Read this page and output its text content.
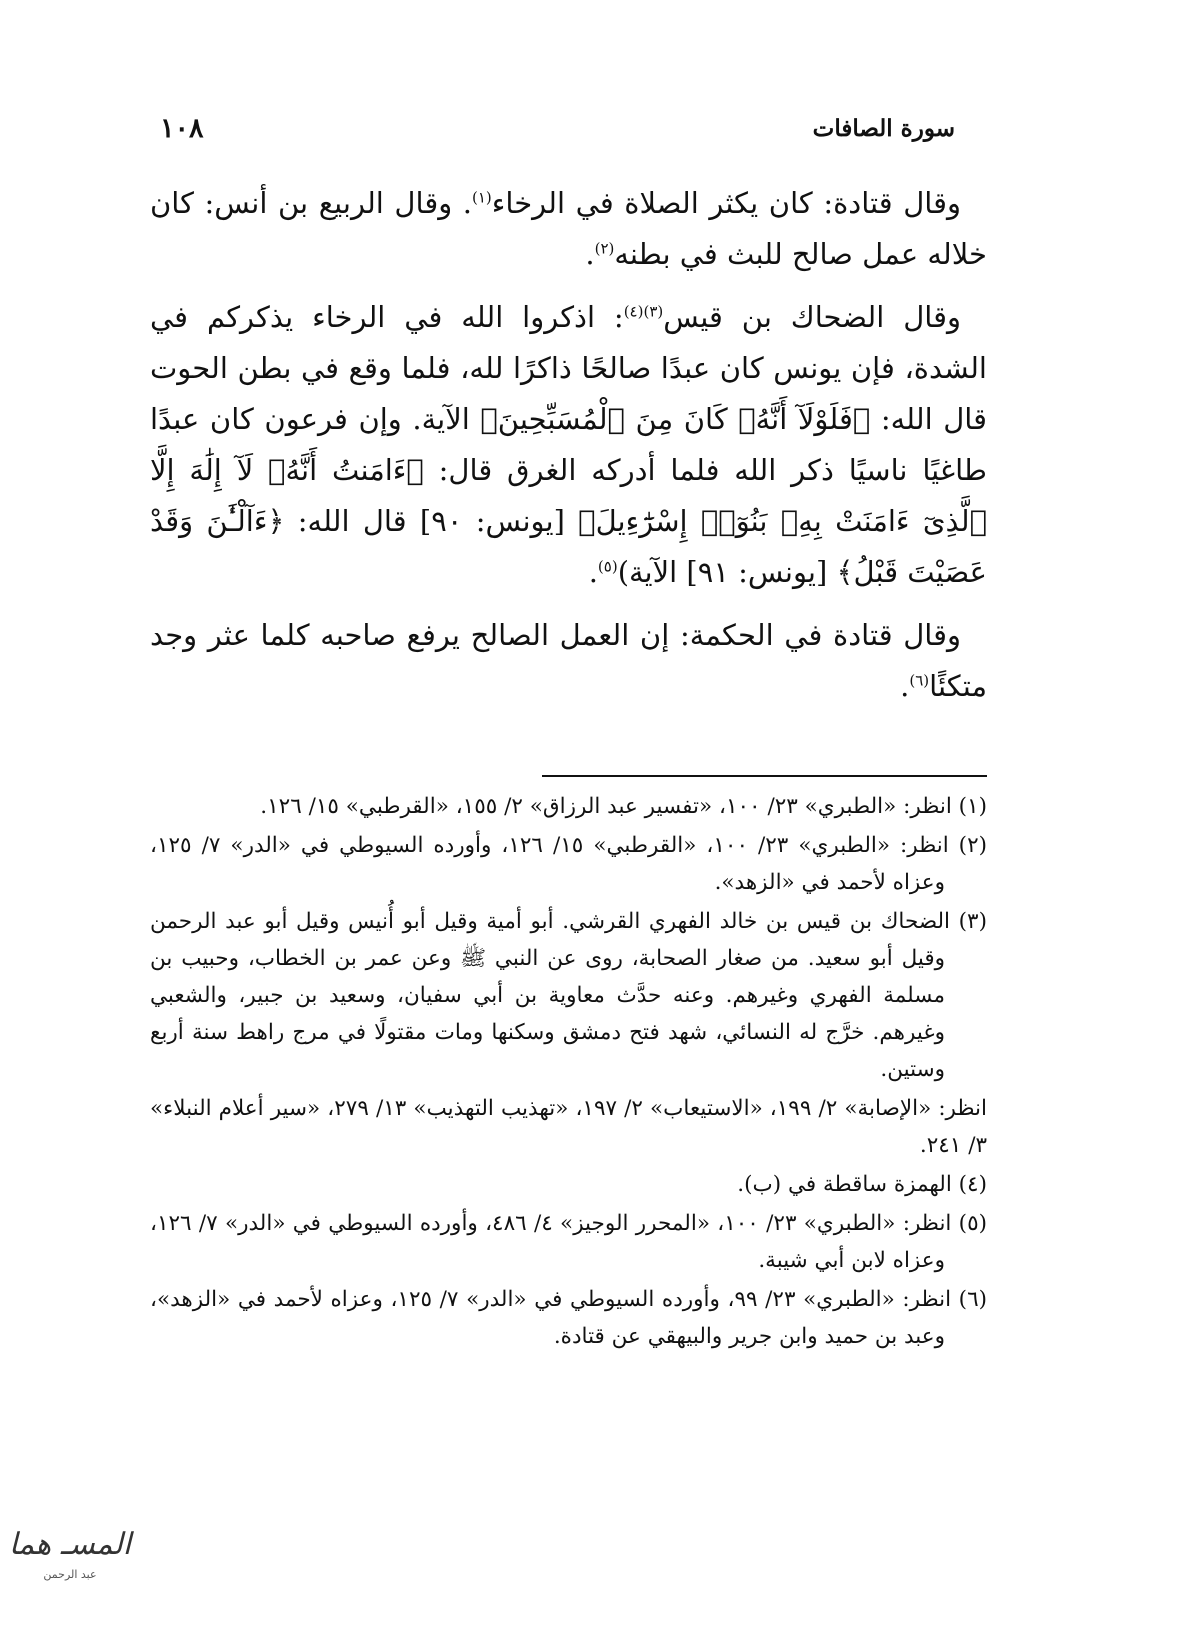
١٠٨	سورة الصافات

وقال قتادة: كان يكثر الصلاة في الرخاء$^{(١)}$. وقال الربيع بن أنس: كان خلاله عمل صالح للبث في بطنه$^{(٢)}$.

وقال الضحاك بن قيس$^{(٣)(٤)}$: اذكروا الله في الرخاء يذكركم في الشدة، فإن يونس كان عبدًا صالحًا ذاكرًا لله، فلما وقع في بطن الحوت قال الله: ﴿فَلَوْلَآ أَنَّهُۥ كَانَ مِنَ ٱلْمُسَبِّحِينَ﴾ الآية. وإن فرعون كان عبدًا طاغيًا ناسيًا ذكر الله فلما أدركه الغرق قال: ﴿ءَامَنتُ أَنَّهُۥ لَآ إِلَٰهَ إِلَّا ٱلَّذِىٓ ءَامَنَتْ بِهِۦ بَنُوٓا۟ إِسْرَٰٓءِيلَ﴾ [يونس: ٩٠] قال الله: ﴿ءَآلْـَٰٔنَ وَقَدْ عَصَيْتَ قَبْلُ﴾ [يونس: ٩١] الآية)$^{(٥)}$.

وقال قتادة في الحكمة: إن العمل الصالح يرفع صاحبه كلما عثر وجد متكئًا$^{(٦)}$.

(١) انظر: «الطبري» ٢٣/ ١٠٠، «تفسير عبد الرزاق» ٢/ ١٥٥، «القرطبي» ١٥/ ١٢٦.
(٢) انظر: «الطبري» ٢٣/ ١٠٠، «القرطبي» ١٥/ ١٢٦، وأورده السيوطي في «الدر» ٧/ ١٢٥، وعزاه لأحمد في «الزهد».
(٣) الضحاك بن قيس بن خالد الفهري القرشي. أبو أمية وقيل أبو أُنيس وقيل أبو عبد الرحمن وقيل أبو سعيد. من صغار الصحابة، روى عن النبي ﷺ وعن عمر بن الخطاب، وحبيب بن مسلمة الفهري وغيرهم. وعنه حدَّث معاوية بن أبي سفيان، وسعيد بن جبير، والشعبي وغيرهم. خرَّج له النسائي، شهد فتح دمشق وسكنها ومات مقتولًا في مرج راهط سنة أربع وستين.
انظر: «الإصابة» ٢/ ١٩٩، «الاستيعاب» ٢/ ١٩٧، «تهذيب التهذيب» ١٣/ ٢٧٩، «سير أعلام النبلاء» ٣/ ٢٤١.
(٤) الهمزة ساقطة في (ب).
(٥) انظر: «الطبري» ٢٣/ ١٠٠، «المحرر الوجيز» ٤/ ٤٨٦، وأورده السيوطي في «الدر» ٧/ ١٢٦، وعزاه لابن أبي شيبة.
(٦) انظر: «الطبري» ٢٣/ ٩٩، وأورده السيوطي في «الدر» ٧/ ١٢٥، وعزاه لأحمد في «الزهد»، وعبد بن حميد وابن جرير والبيهقي عن قتادة.
المسـ هما
عبد الرحمن
